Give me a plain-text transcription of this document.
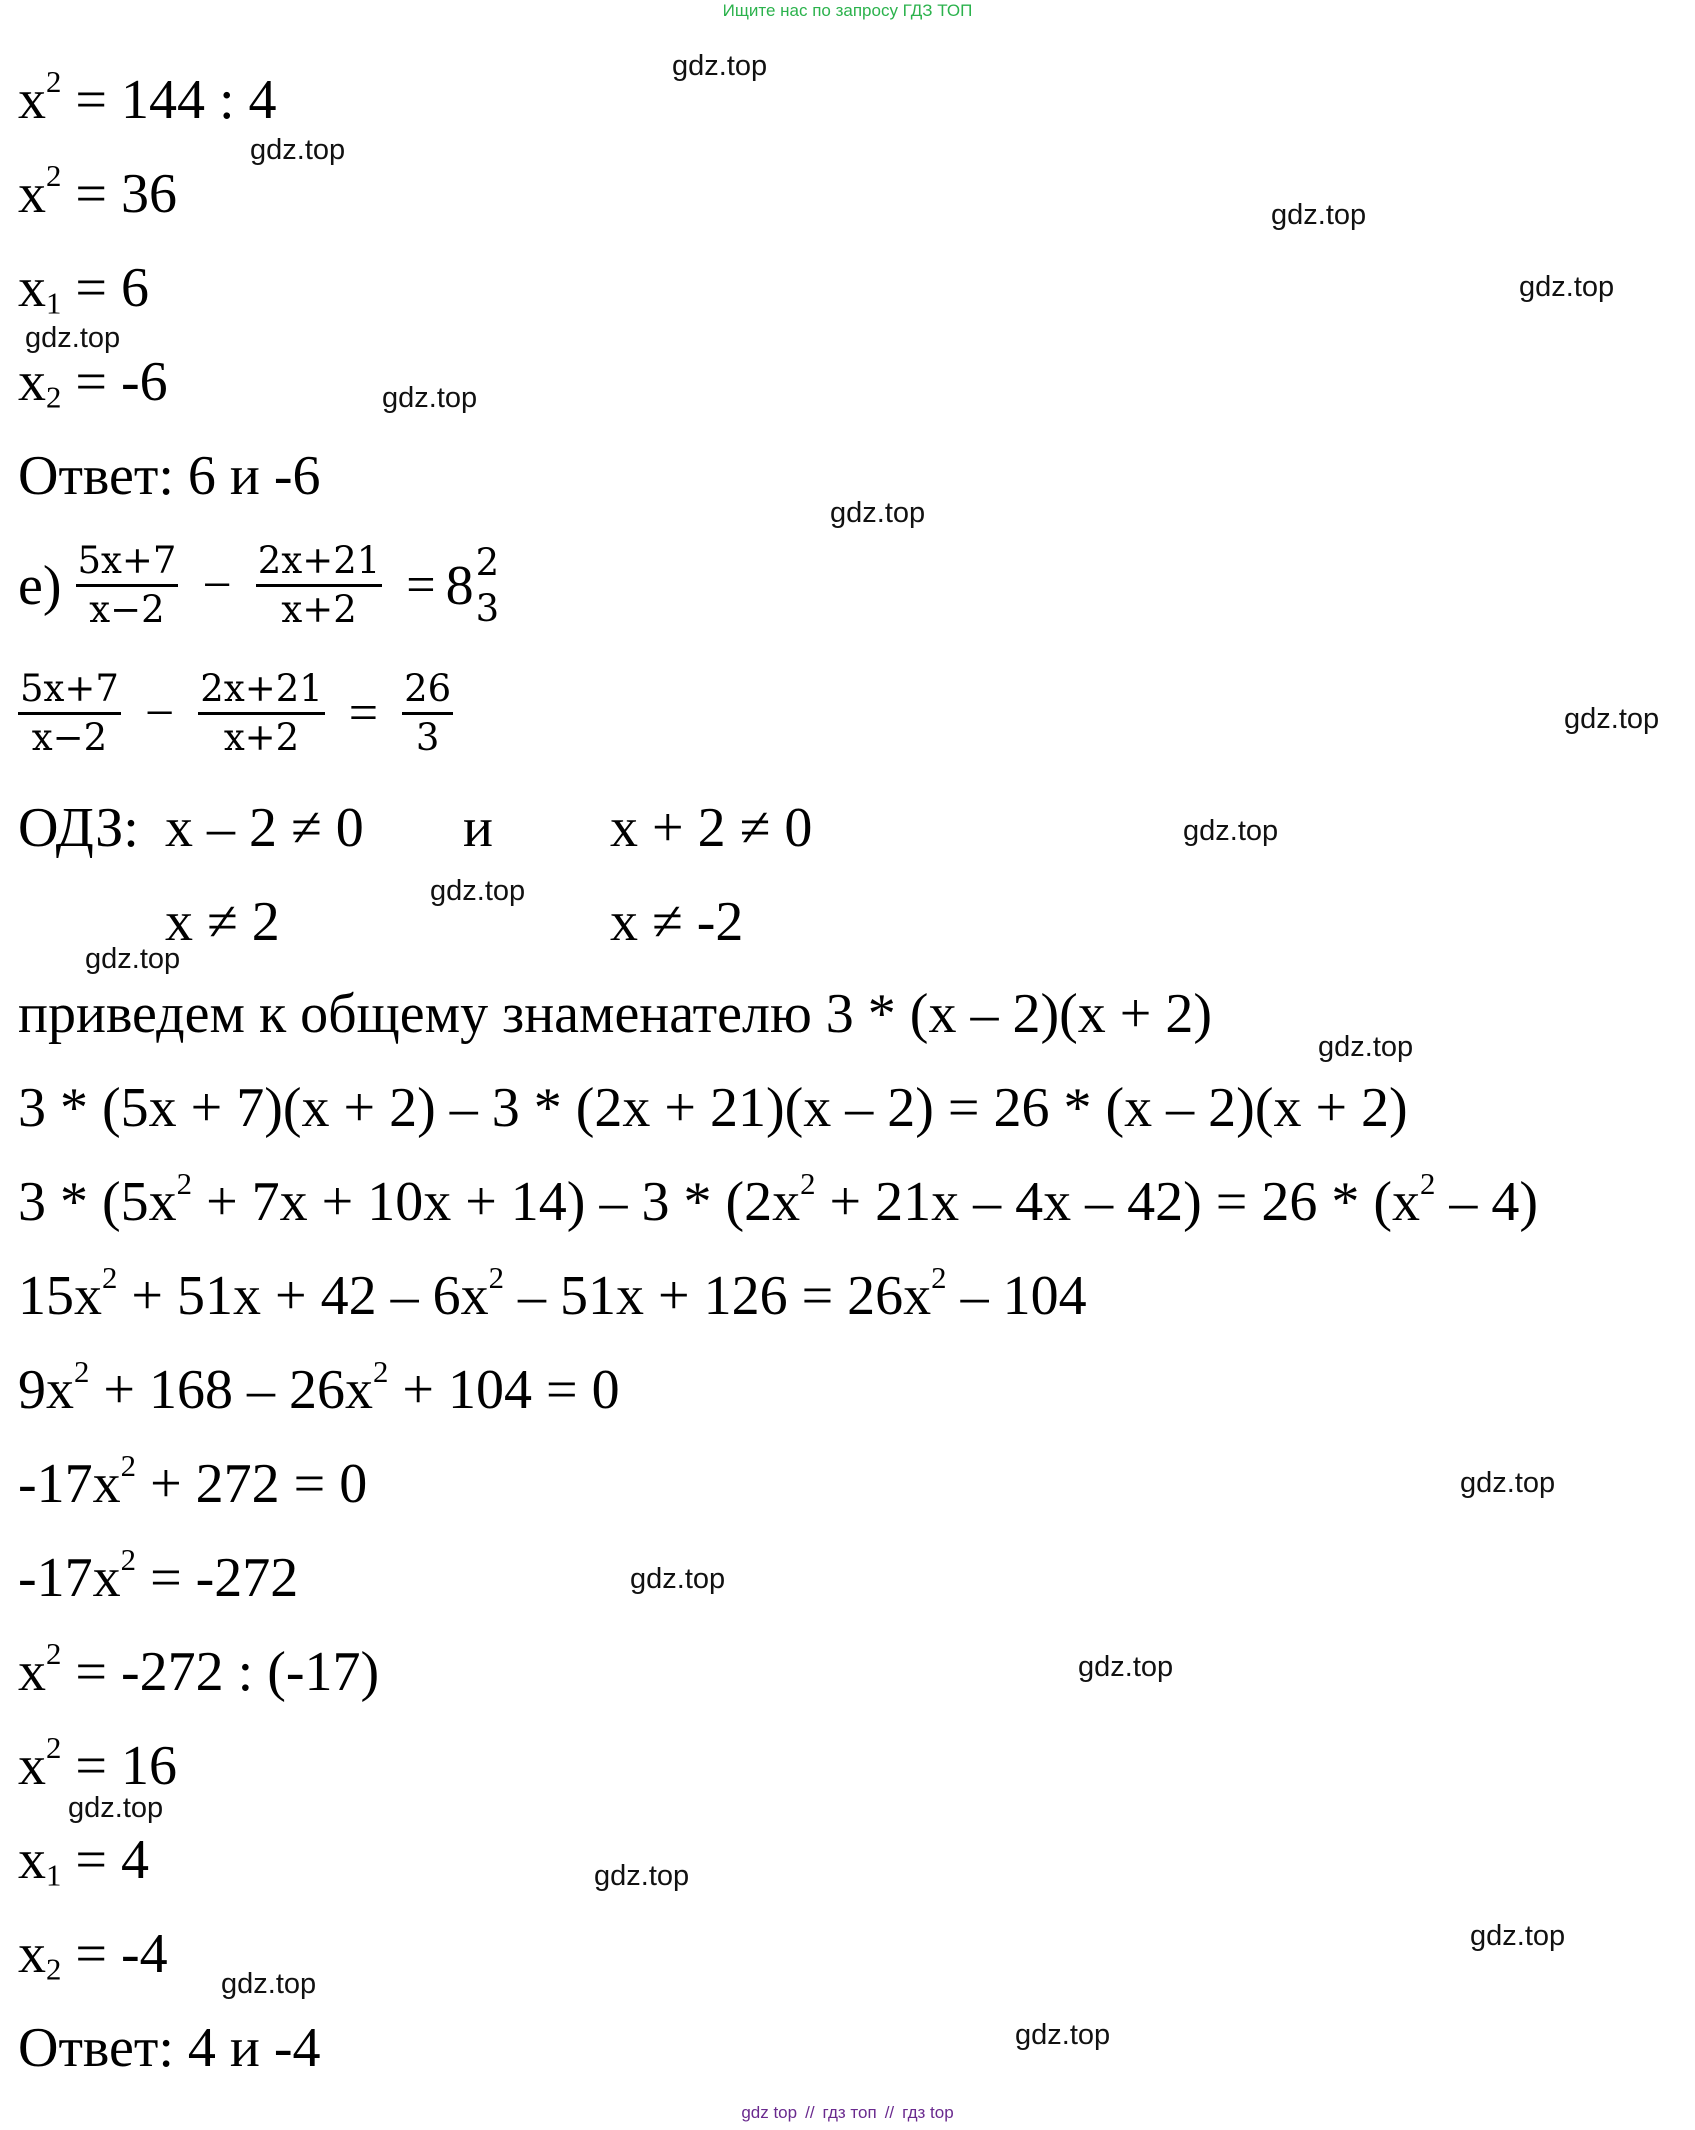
Ищите нас по запросу ГДЗ ТОП
$x^2 = 144$ : 4
$x^2 = 36$
$x_1 = 6$
$x_2 = -6$
Ответ: 6 и -6
$е) \frac{5x+7}{x-2} - \frac{2x+21}{x+2} = 8$ 2
3
$\frac{5x+7}{x-2} - \frac{2x+21}{x+2} = \frac{26}{3}$
ОДЗ: x – 2 ≠ 0 и x + 2 ≠ 0
x ≠ 2	x ≠ -2
приведем к общему знаменателю 3 * (x – 2)(x + 2)
3 * (5x + 7)(x + 2) – 3 * (2x + 21)(x – 2) = 26 * (x – 2)(x + 2)
$3 * (5x^2 + 7x + 10x + 14) - 3 * (2x^2 + 21x - 4x - 42) = 26 * (x^2 - 4)$
$15x^2 + 51x + 42 - 6x^2 - 51x + 126 = 26x^2 - 104$
$9x^2 + 168 - 26x^2 + 104 = 0$
$-17x^2 + 272 = 0$
$-17x^2 = -272$
$x^2 = -272$ : (-17)
$x^2 = 16$
$x_1 = 4$
$x_2 = -4$
Ответ: 4 и -4
gdz.top
gdz.top
gdz.top
gdz.top
gdz.top
gdz.top
gdz.top
gdz.top
gdz.top
gdz.top
gdz.top
gdz.top
gdz.top
gdz.top
gdz.top
gdz.top
gdz.top
gdz.top
gdz.top
gdz.top
gdz top // гдз топ // гдз top
